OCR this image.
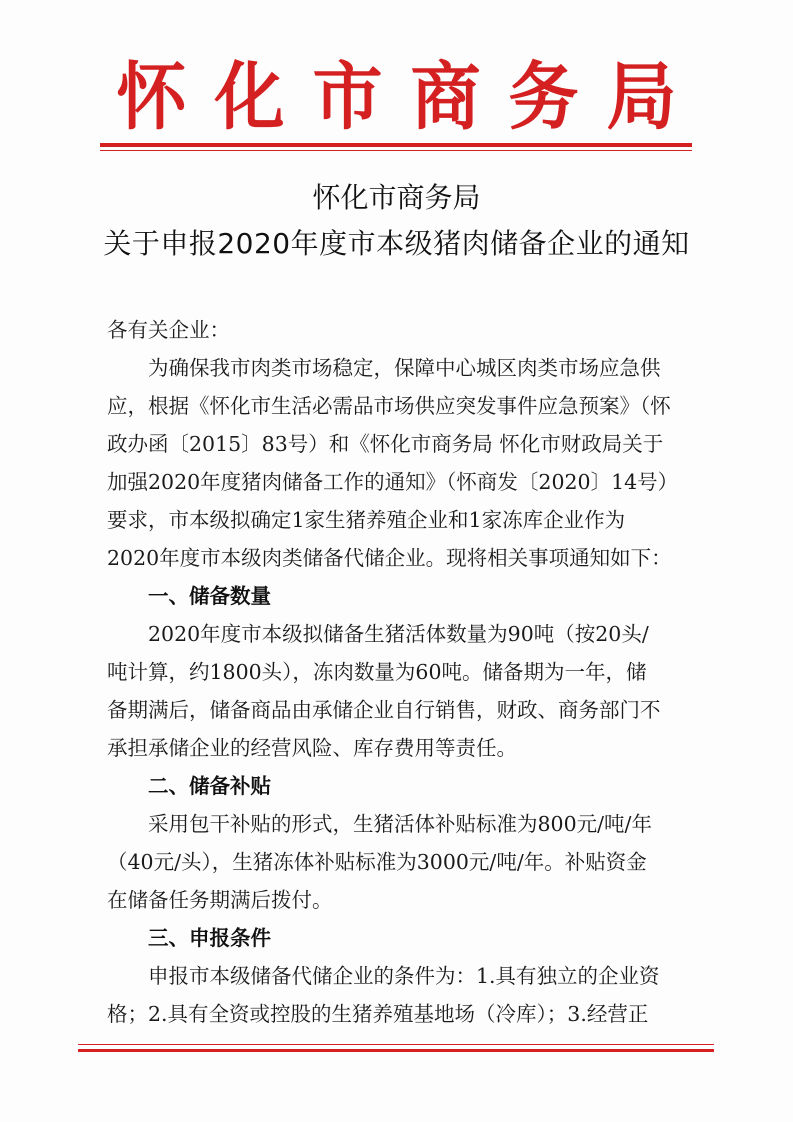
怀化市商务局
怀化市商务局
关于申报2020年度市本级猪肉储备企业的通知
各有关企业：
为确保我市肉类市场稳定，保障中心城区肉类市场应急供
应，根据《怀化市生活必需品市场供应突发事件应急预案》（怀
政办函〔2015〕83号）和《怀化市商务局 怀化市财政局关于
加强2020年度猪肉储备工作的通知》（怀商发〔2020〕14号）
要求，市本级拟确定1家生猪养殖企业和1家冻库企业作为
2020年度市本级肉类储备代储企业。现将相关事项通知如下：
一、储备数量
2020年度市本级拟储备生猪活体数量为90吨（按20头/
吨计算，约1800头），冻肉数量为60吨。储备期为一年，储
备期满后，储备商品由承储企业自行销售，财政、商务部门不
承担承储企业的经营风险、库存费用等责任。
二、储备补贴
采用包干补贴的形式，生猪活体补贴标准为800元/吨/年
（40元/头），生猪冻体补贴标准为3000元/吨/年。补贴资金
在储备任务期满后拨付。
三、申报条件
申报市本级储备代储企业的条件为：1.具有独立的企业资
格；2.具有全资或控股的生猪养殖基地场（冷库）；3.经营正
